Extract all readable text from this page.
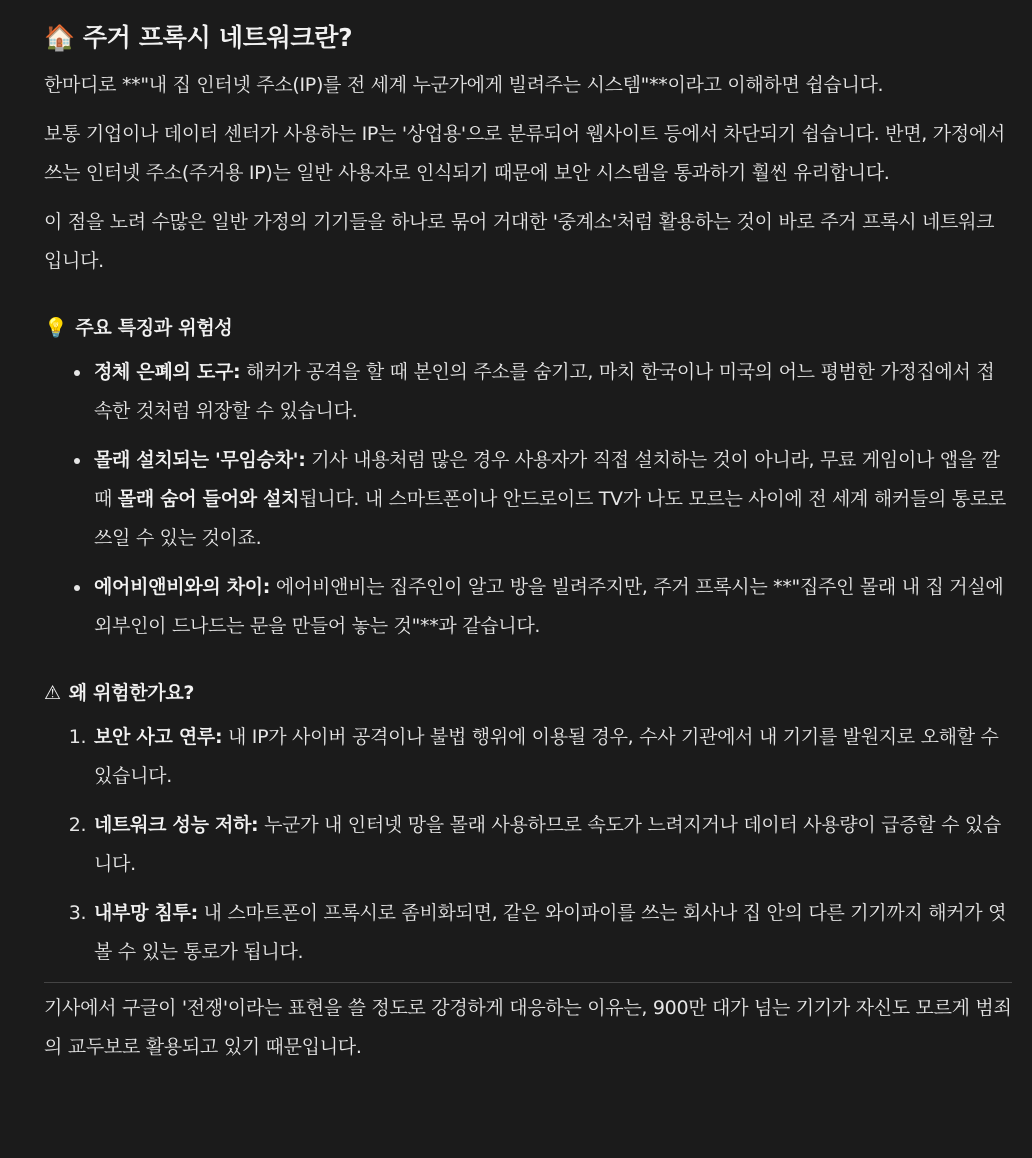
🏠 주거 프록시 네트워크란?

한마디로 **"내 집 인터넷 주소(IP)를 전 세계 누군가에게 빌려주는 시스템"**이라고 이해하면 쉽습니다.

보통 기업이나 데이터 센터가 사용하는 IP는 '상업용'으로 분류되어 웹사이트 등에서 차단되기 쉽습니다. 반면, 가정에서 쓰는 인터넷 주소(주거용 IP)는 일반 사용자로 인식되기 때문에 보안 시스템을 통과하기 훨씬 유리합니다.

이 점을 노려 수많은 일반 가정의 기기들을 하나로 묶어 거대한 '중계소'처럼 활용하는 것이 바로 주거 프록시 네트워크입니다.

💡 주요 특징과 위험성
• 정체 은폐의 도구: 해커가 공격을 할 때 본인의 주소를 숨기고, 마치 한국이나 미국의 어느 평범한 가정집에서 접속한 것처럼 위장할 수 있습니다.
• 몰래 설치되는 '무임승차': 기사 내용처럼 많은 경우 사용자가 직접 설치하는 것이 아니라, 무료 게임이나 앱을 깔 때 몰래 숨어 들어와 설치됩니다. 내 스마트폰이나 안드로이드 TV가 나도 모르는 사이에 전 세계 해커들의 통로로 쓰일 수 있는 것이죠.
• 에어비앤비와의 차이: 에어비앤비는 집주인이 알고 방을 빌려주지만, 주거 프록시는 **"집주인 몰래 내 집 거실에 외부인이 드나드는 문을 만들어 놓는 것"**과 같습니다.
⚠ 왜 위험한가요?
1. 보안 사고 연루: 내 IP가 사이버 공격이나 불법 행위에 이용될 경우, 수사 기관에서 내 기기를 발원지로 오해할 수 있습니다.
2. 네트워크 성능 저하: 누군가 내 인터넷 망을 몰래 사용하므로 속도가 느려지거나 데이터 사용량이 급증할 수 있습니다.
3. 내부망 침투: 내 스마트폰이 프록시로 좀비화되면, 같은 와이파이를 쓰는 회사나 집 안의 다른 기기까지 해커가 엿볼 수 있는 통로가 됩니다.

기사에서 구글이 '전쟁'이라는 표현을 쓸 정도로 강경하게 대응하는 이유는, 900만 대가 넘는 기기가 자신도 모르게 범죄의 교두보로 활용되고 있기 때문입니다.
